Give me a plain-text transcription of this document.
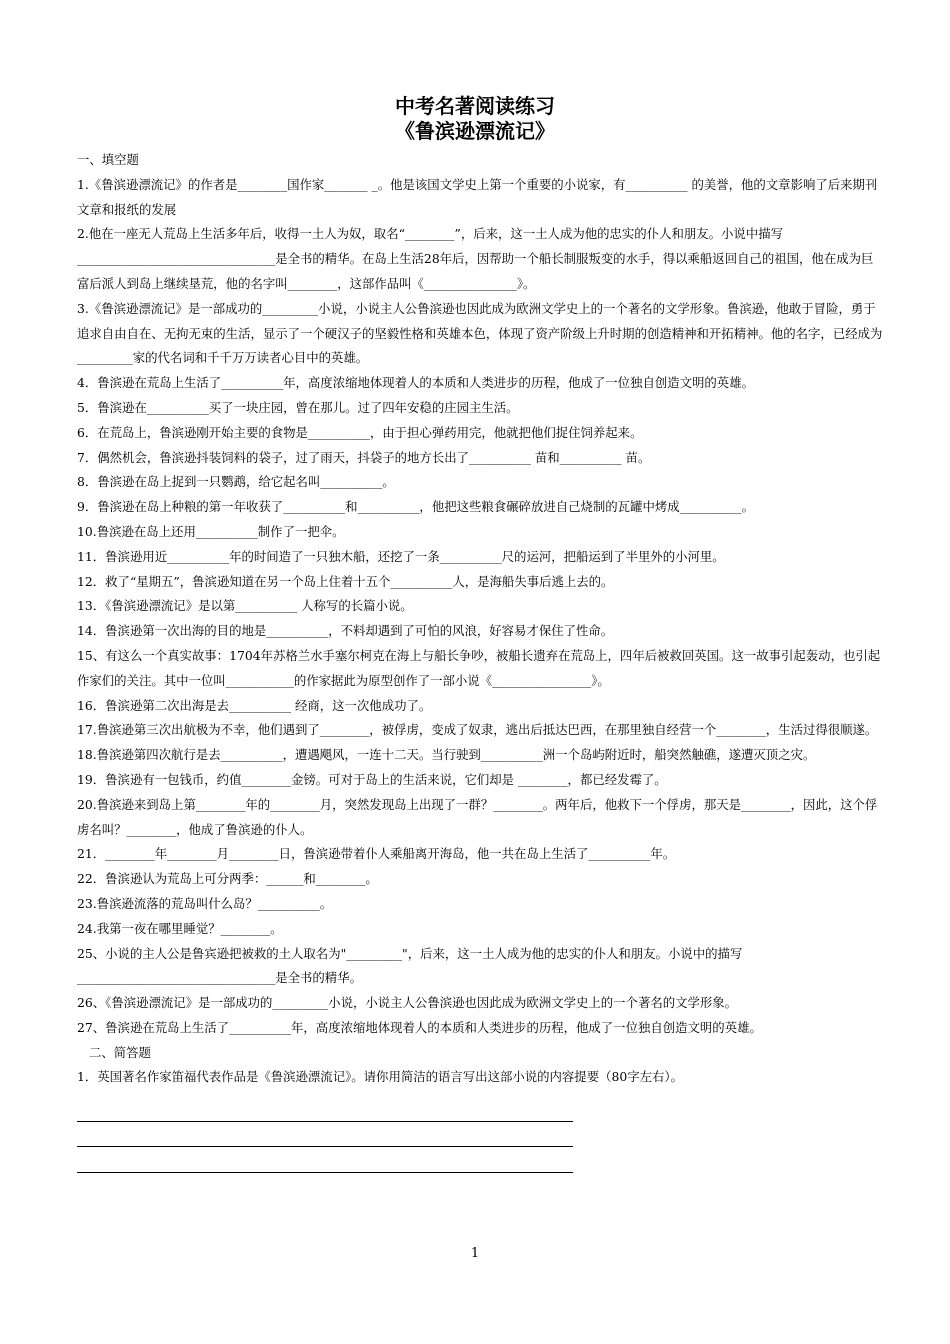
中考名著阅读练习
《鲁滨逊漂流记》

一、填空题

1.《鲁滨逊漂流记》的作者是________国作家_______ _。他是该国文学史上第一个重要的小说家，有__________ 的美誉，他的文章影响了后来期刊文章和报纸的发展

2.他在一座无人荒岛上生活多年后，收得一土人为奴，取名“________”，后来，这一土人成为他的忠实的仆人和朋友。小说中描写________________________________是全书的精华。在岛上生活28年后，因帮助一个船长制服叛变的水手，得以乘船返回自己的祖国，他在成为巨富后派人到岛上继续垦荒，他的名字叫________，这部作品叫《_______________》。

3.《鲁滨逊漂流记》是一部成功的_________小说，小说主人公鲁滨逊也因此成为欧洲文学史上的一个著名的文学形象。鲁滨逊，他敢于冒险，勇于追求自由自在、无拘无束的生活，显示了一个硬汉子的坚毅性格和英雄本色，体现了资产阶级上升时期的创造精神和开拓精神。他的名字，已经成为_________家的代名词和千千万万读者心目中的英雄。

4．鲁滨逊在荒岛上生活了__________年，高度浓缩地体现着人的本质和人类进步的历程，他成了一位独自创造文明的英雄。

5．鲁滨逊在__________买了一块庄园，曾在那儿。过了四年安稳的庄园主生活。

6．在荒岛上，鲁滨逊刚开始主要的食物是__________，由于担心弹药用完，他就把他们捉住饲养起来。

7．偶然机会，鲁滨逊抖装饲料的袋子，过了雨天，抖袋子的地方长出了__________ 苗和__________ 苗。

8．鲁滨逊在岛上捉到一只鹦鹉，给它起名叫__________。

9．鲁滨逊在岛上种粮的第一年收获了__________和__________，他把这些粮食碾碎放进自己烧制的瓦罐中烤成__________。

10.鲁滨逊在岛上还用__________制作了一把伞。

11．鲁滨逊用近__________年的时间造了一只独木船，还挖了一条__________尺的运河，把船运到了半里外的小河里。

12．救了“星期五”，鲁滨逊知道在另一个岛上住着十五个__________人，是海船失事后逃上去的。

13．《鲁滨逊漂流记》是以第__________ 人称写的长篇小说。

14．鲁滨逊第一次出海的目的地是__________，不料却遇到了可怕的风浪，好容易才保住了性命。

15、有这么一个真实故事：1704年苏格兰水手塞尔柯克在海上与船长争吵，被船长遗弃在荒岛上，四年后被救回英国。这一故事引起轰动，也引起作家们的关注。其中一位叫___________的作家据此为原型创作了一部小说《________________》。

16．鲁滨逊第二次出海是去__________ 经商，这一次他成功了。

17.鲁滨逊第三次出航极为不幸，他们遇到了________，被俘虏，变成了奴隶，逃出后抵达巴西，在那里独自经营一个________，生活过得很顺遂。

18.鲁滨逊第四次航行是去__________，遭遇飓风，一连十二天。当行驶到__________洲一个岛屿附近时，船突然触礁，遂遭灭顶之灾。

19．鲁滨逊有一包钱币，约值________金镑。可对于岛上的生活来说，它们却是 ________，都已经发霉了。

20.鲁滨逊来到岛上第________年的________月，突然发现岛上出现了一群？________。两年后，他救下一个俘虏，那天是________，因此，这个俘虏名叫？________，他成了鲁滨逊的仆人。

21．________年________月________日，鲁滨逊带着仆人乘船离开海岛，他一共在岛上生活了__________年。

22．鲁滨逊认为荒岛上可分两季：______和________。

23.鲁滨逊流落的荒岛叫什么岛？__________。

24.我第一夜在哪里睡觉？________。

25、小说的主人公是鲁宾逊把被救的土人取名为"_________"，后来，这一土人成为他的忠实的仆人和朋友。小说中的描写________________________________是全书的精华。

26、《鲁滨逊漂流记》是一部成功的_________小说，小说主人公鲁滨逊也因此成为欧洲文学史上的一个著名的文学形象。

27、鲁滨逊在荒岛上生活了__________年，高度浓缩地体现着人的本质和人类进步的历程，他成了一位独自创造文明的英雄。

二、简答题

1．英国著名作家笛福代表作品是《鲁滨逊漂流记》。请你用简洁的语言写出这部小说的内容提要（80字左右）。

1
